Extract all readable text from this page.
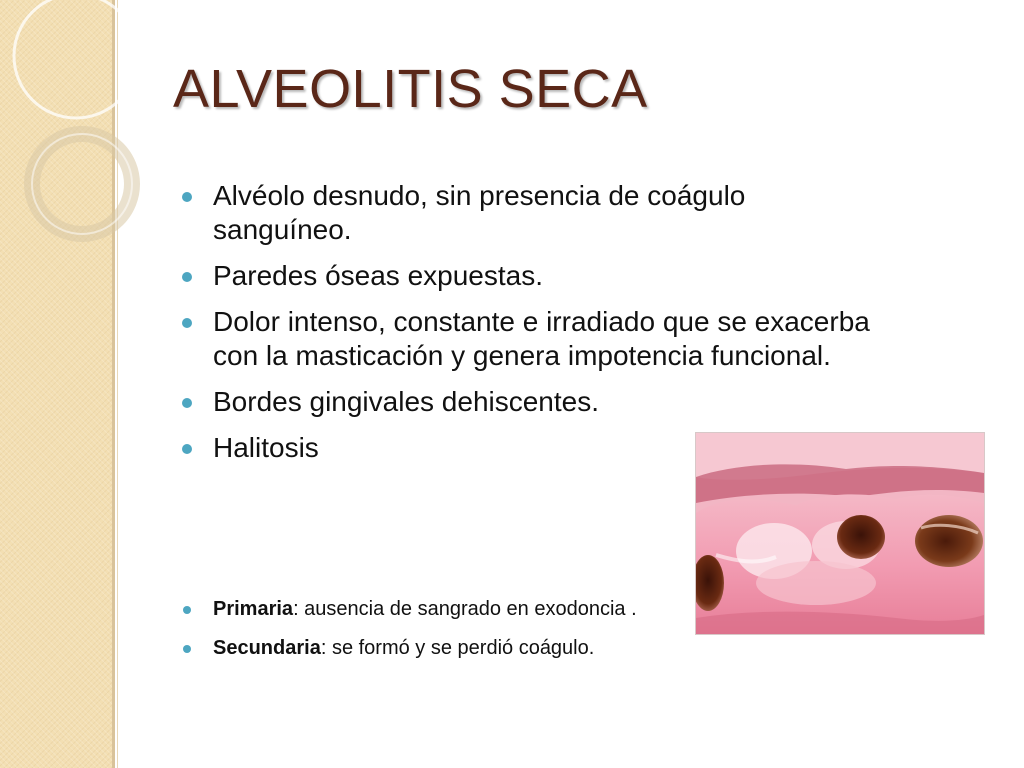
ALVEOLITIS SECA
Alvéolo desnudo, sin presencia de coágulo sanguíneo.
Paredes óseas expuestas.
Dolor intenso, constante e irradiado que se exacerba con la masticación y genera impotencia funcional.
Bordes gingivales dehiscentes.
Halitosis
Primaria: ausencia de sangrado en exodoncia .
Secundaria: se formó y se perdió coágulo.
